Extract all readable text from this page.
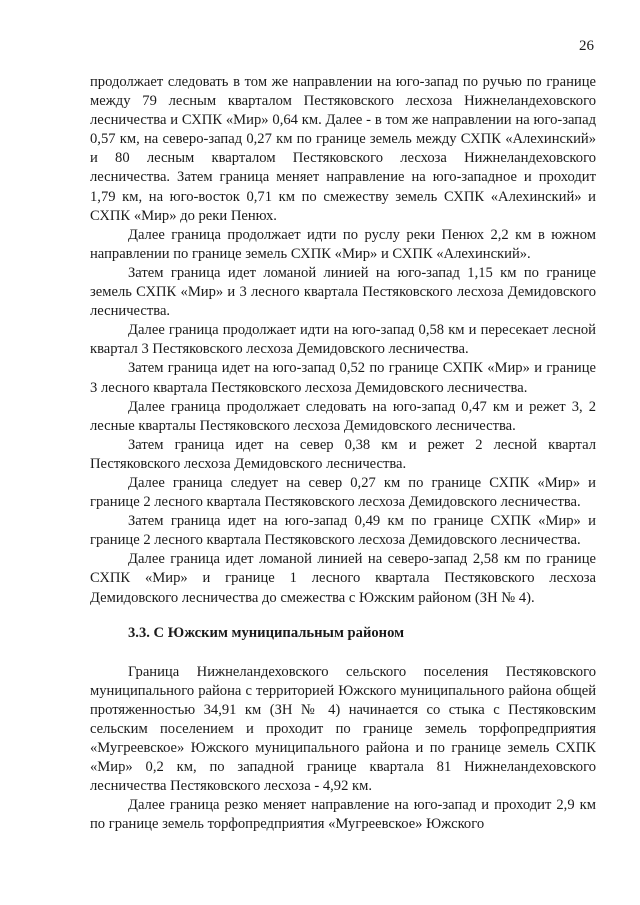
26

продолжает следовать в том же направлении на юго-запад по ручью по границе между 79 лесным кварталом Пестяковского лесхоза Нижнеландеховского лесничества и СХПК «Мир» 0,64 км. Далее - в том же направлении на юго-запад 0,57 км, на северо-запад 0,27 км по границе земель между СХПК «Алехинский» и 80 лесным кварталом Пестяковского лесхоза Нижнеландеховского лесничества. Затем граница меняет направление на юго-западное и проходит 1,79 км, на юго-восток 0,71 км по смежеству земель СХПК «Алехинский» и СХПК «Мир» до реки Пенюх.

Далее граница продолжает идти по руслу реки Пенюх 2,2 км в южном направлении по границе земель СХПК «Мир» и СХПК «Алехинский».

Затем граница идет ломаной линией на юго-запад 1,15 км по границе земель СХПК «Мир» и 3 лесного квартала Пестяковского лесхоза Демидовского лесничества.

Далее граница продолжает идти на юго-запад 0,58 км и пересекает лесной квартал 3 Пестяковского лесхоза Демидовского лесничества.

Затем граница идет на юго-запад 0,52 по границе СХПК «Мир» и границе 3 лесного квартала Пестяковского лесхоза Демидовского лесничества.

Далее граница продолжает следовать на юго-запад 0,47 км и режет 3, 2 лесные кварталы Пестяковского лесхоза Демидовского лесничества.

Затем граница идет на север 0,38 км и режет 2 лесной квартал Пестяковского лесхоза Демидовского лесничества.

Далее граница следует на север 0,27 км по границе СХПК «Мир» и границе 2 лесного квартала Пестяковского лесхоза Демидовского лесничества.

Затем граница идет на юго-запад 0,49 км по границе СХПК «Мир» и границе 2 лесного квартала Пестяковского лесхоза Демидовского лесничества.

Далее граница идет ломаной линией на северо-запад 2,58 км по границе СХПК «Мир» и границе 1 лесного квартала Пестяковского лесхоза Демидовского лесничества до смежества с Южским районом (ЗН № 4).

3.3. С Южским муниципальным районом

Граница Нижнеландеховского сельского поселения Пестяковского муниципального района с территорией Южского муниципального района общей протяженностью 34,91 км (ЗН № 4) начинается со стыка с Пестяковским сельским поселением и проходит по границе земель торфопредприятия «Мугреевское» Южского муниципального района и по границе земель СХПК «Мир» 0,2 км, по западной границе квартала 81 Нижнеландеховского лесничества Пестяковского лесхоза - 4,92 км.

Далее граница резко меняет направление на юго-запад и проходит 2,9 км по границе земель торфопредприятия «Мугреевское» Южского
